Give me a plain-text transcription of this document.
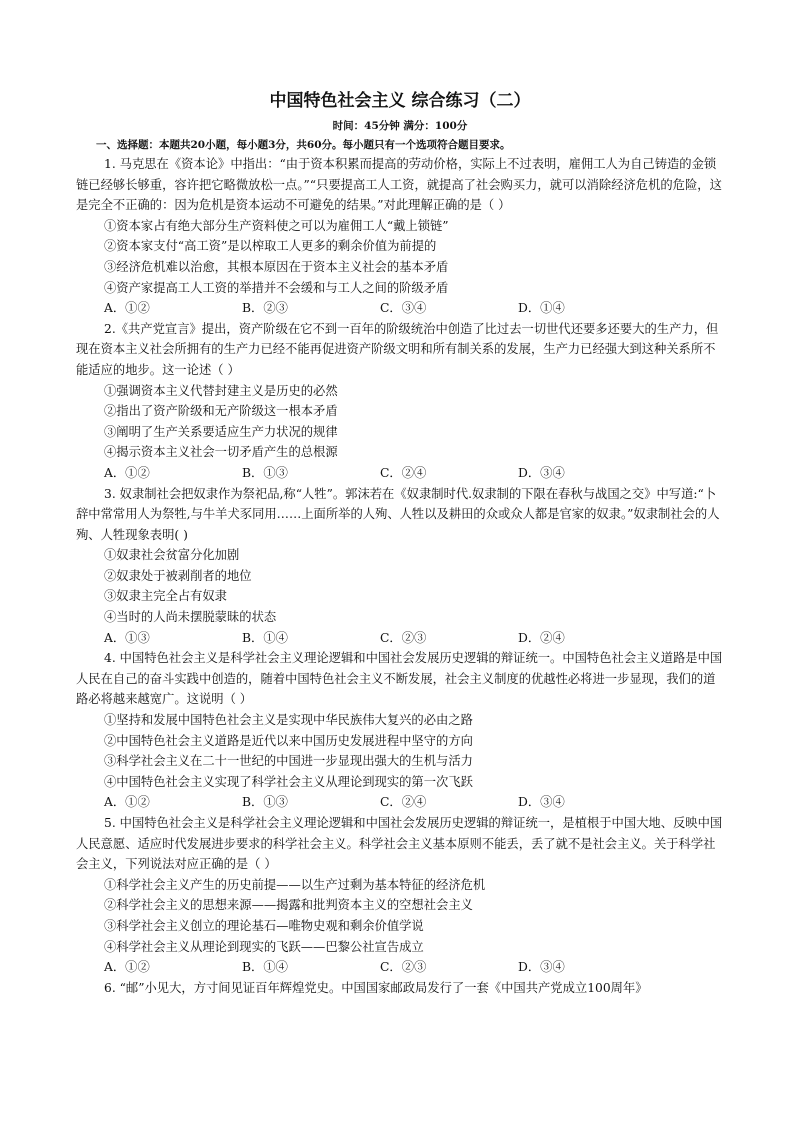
中国特色社会主义 综合练习（二）
时间：45分钟 满分：100分
一、选择题：本题共20小题，每小题3分，共60分。每小题只有一个选项符合题目要求。

1. 马克思在《资本论》中指出：“由于资本积累而提高的劳动价格，实际上不过表明，雇佣工人为自己铸造的金锁链已经够长够重，容许把它略微放松一点。”“只要提高工人工资，就提高了社会购买力，就可以消除经济危机的危险，这是完全不正确的：因为危机是资本运动不可避免的结果。”对此理解正确的是（ ）

①资本家占有绝大部分生产资料使之可以为雇佣工人“戴上锁链”

②资本家支付“高工资”是以榨取工人更多的剩余价值为前提的

③经济危机难以治愈，其根本原因在于资本主义社会的基本矛盾

④资产家提高工人工资的举措并不会缓和与工人之间的阶级矛盾

A．①②	B．②③	C．③④	D．①④

2.《共产党宣言》提出，资产阶级在它不到一百年的阶级统治中创造了比过去一切世代还要多还要大的生产力，但现在资本主义社会所拥有的生产力已经不能再促进资产阶级文明和所有制关系的发展，生产力已经强大到这种关系所不能适应的地步。这一论述（ ）

①强调资本主义代替封建主义是历史的必然

②指出了资产阶级和无产阶级这一根本矛盾

③阐明了生产关系要适应生产力状况的规律

④揭示资本主义社会一切矛盾产生的总根源

A．①②	B．①③	C．②④	D．③④

3. 奴隶制社会把奴隶作为祭祀品,称“人牲”。郭沫若在《奴隶制时代.奴隶制的下限在春秋与战国之交》中写道:“卜辞中常常用人为祭牲,与牛羊犬豕同用……上面所举的人殉、人牲以及耕田的众或众人都是官家的奴隶。”奴隶制社会的人殉、人牲现象表明( )

①奴隶社会贫富分化加剧

②奴隶处于被剥削者的地位

③奴隶主完全占有奴隶

④当时的人尚未摆脱蒙昧的状态

A．①③	B．①④	C．②③	D．②④

4. 中国特色社会主义是科学社会主义理论逻辑和中国社会发展历史逻辑的辩证统一。中国特色社会主义道路是中国人民在自己的奋斗实践中创造的，随着中国特色社会主义不断发展，社会主义制度的优越性必将进一步显现，我们的道路必将越来越宽广。这说明（ ）

①坚持和发展中国特色社会主义是实现中华民族伟大复兴的必由之路

②中国特色社会主义道路是近代以来中国历史发展进程中坚守的方向

③科学社会主义在二十一世纪的中国进一步显现出强大的生机与活力

④中国特色社会主义实现了科学社会主义从理论到现实的第一次飞跃

A．①②	B．①③	C．②④	D．③④

5. 中国特色社会主义是科学社会主义理论逻辑和中国社会发展历史逻辑的辩证统一，是植根于中国大地、反映中国人民意愿、适应时代发展进步要求的科学社会主义。科学社会主义基本原则不能丢，丢了就不是社会主义。关于科学社会主义，下列说法对应正确的是（ ）

①科学社会主义产生的历史前提——以生产过剩为基本特征的经济危机

②科学社会主义的思想来源——揭露和批判资本主义的空想社会主义

③科学社会主义创立的理论基石—唯物史观和剩余价值学说

④科学社会主义从理论到现实的飞跃——巴黎公社宣告成立

A．①②	B．①④	C．②③	D．③④

6. “邮”小见大，方寸间见证百年辉煌党史。中国国家邮政局发行了一套《中国共产党成立100周年》
